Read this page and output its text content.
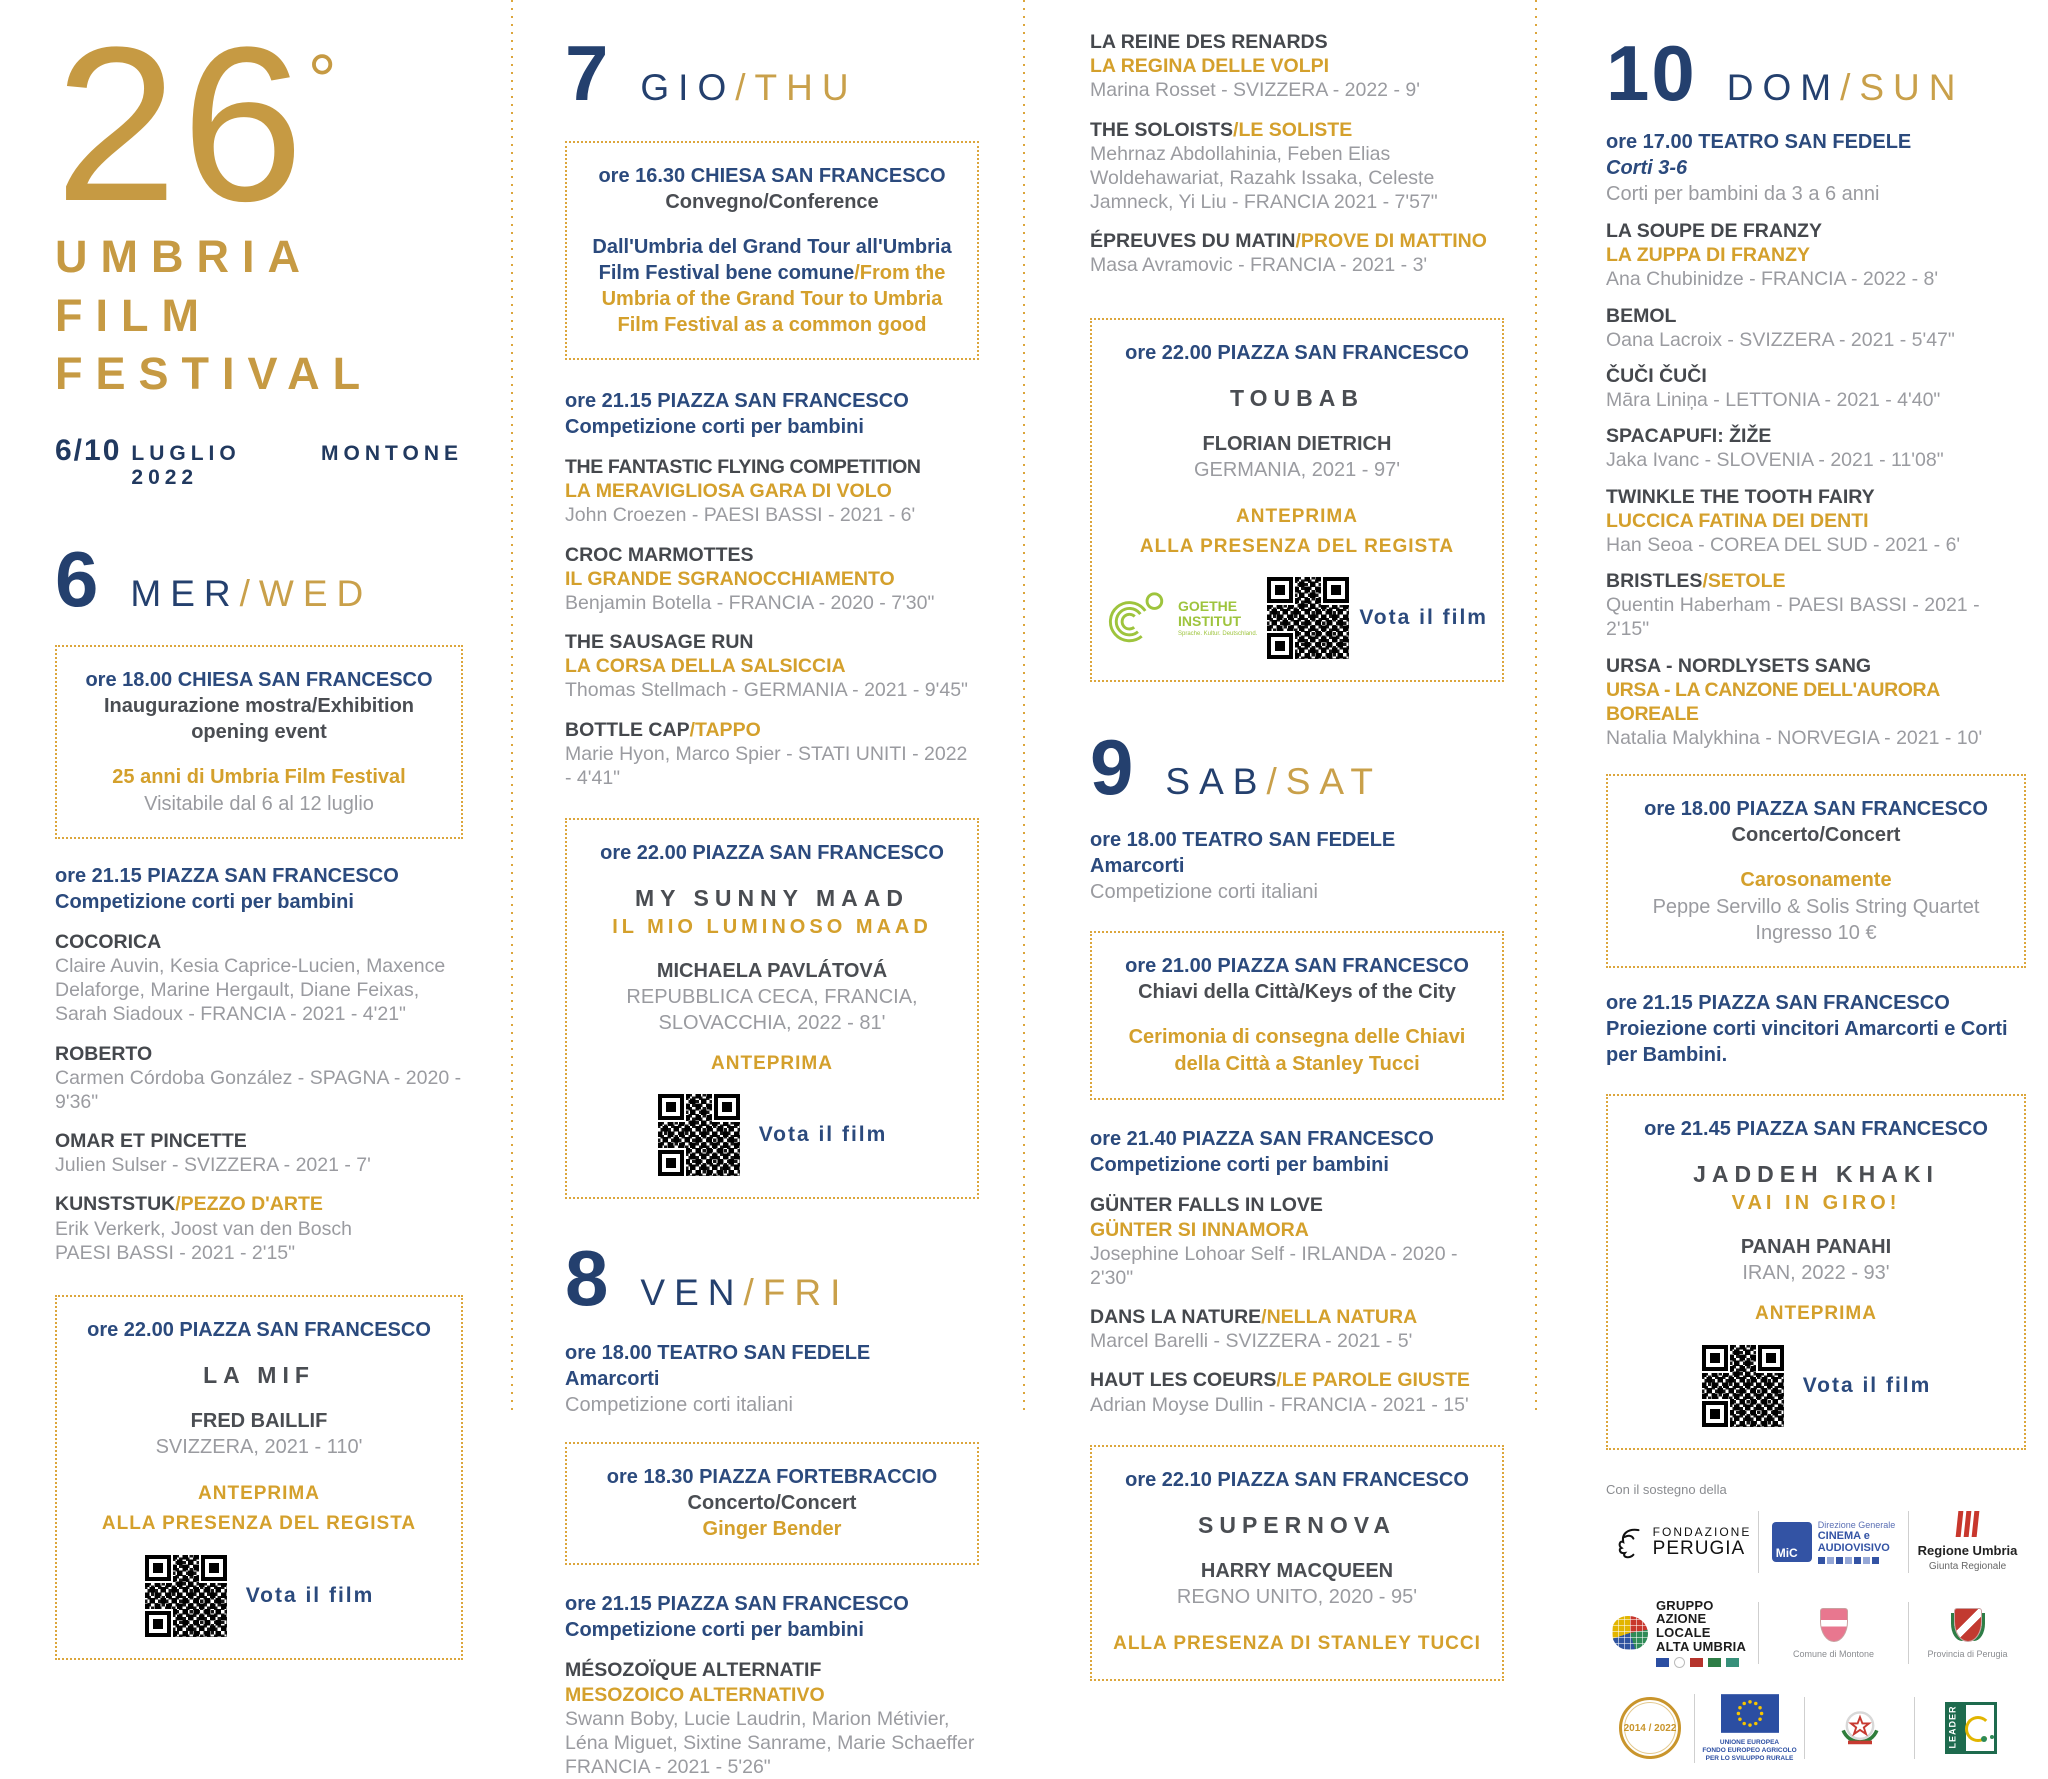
26 °
UMBRIA
FILM
FESTIVAL
6/10 LUGLIO 2022
MONTONE
6 MER/WED
ore 18.00 CHIESA SAN FRANCESCO
Inaugurazione mostra/Exhibition opening event
25 anni di Umbria Film Festival
Visitabile dal 6 al 12 luglio
ore 21.15 PIAZZA SAN FRANCESCO
Competizione corti per bambini
COCORICA
Claire Auvin, Kesia Caprice-Lucien, Maxence Delaforge, Marine Hergault, Diane Feixas, Sarah Siadoux - FRANCIA - 2021 - 4'21"
ROBERTO
Carmen Córdoba González - SPAGNA - 2020 - 9'36"
OMAR ET PINCETTE
Julien Sulser - SVIZZERA - 2021 - 7'
KUNSTSTUK/PEZZO D'ARTE
Erik Verkerk, Joost van den Bosch
PAESI BASSI - 2021 - 2'15"
ore 22.00 PIAZZA SAN FRANCESCO
LA MIF
FRED BAILLIF
SVIZZERA, 2021 - 110'
ANTEPRIMA
ALLA PRESENZA DEL REGISTA
Vota il film
7 GIO/THU
ore 16.30 CHIESA SAN FRANCESCO
Convegno/Conference
Dall'Umbria del Grand Tour all'Umbria Film Festival bene comune/From the Umbria of the Grand Tour to Umbria Film Festival as a common good
ore 21.15 PIAZZA SAN FRANCESCO
Competizione corti per bambini
THE FANTASTIC FLYING COMPETITION
LA MERAVIGLIOSA GARA DI VOLO
John Croezen - PAESI BASSI - 2021 - 6'
CROC MARMOTTES
IL GRANDE SGRANOCCHIAMENTO
Benjamin Botella - FRANCIA - 2020 - 7'30"
THE SAUSAGE RUN
LA CORSA DELLA SALSICCIA
Thomas Stellmach - GERMANIA - 2021 - 9'45"
BOTTLE CAP/TAPPO
Marie Hyon, Marco Spier - STATI UNITI - 2022 - 4'41"
ore 22.00 PIAZZA SAN FRANCESCO
MY SUNNY MAAD
IL MIO LUMINOSO MAAD
MICHAELA PAVLÁTOVÁ
REPUBBLICA CECA, FRANCIA,
SLOVACCHIA, 2022 - 81'
ANTEPRIMA
Vota il film
8 VEN/FRI
ore 18.00 TEATRO SAN FEDELE
Amarcorti
Competizione corti italiani
ore 18.30 PIAZZA FORTEBRACCIO
Concerto/Concert
Ginger Bender
ore 21.15 PIAZZA SAN FRANCESCO
Competizione corti per bambini
MÉSOZOÏQUE ALTERNATIF
MESOZOICO ALTERNATIVO
Swann Boby, Lucie Laudrin, Marion Métivier, Léna Miguet, Sixtine Sanrame, Marie Schaeffer
FRANCIA - 2021 - 5'26"
LA REINE DES RENARDS
LA REGINA DELLE VOLPI
Marina Rosset - SVIZZERA - 2022 - 9'
THE SOLOISTS/LE SOLISTE
Mehrnaz Abdollahinia, Feben Elias Woldehawariat, Razahk Issaka, Celeste Jamneck, Yi Liu - FRANCIA 2021 - 7'57"
ÉPREUVES DU MATIN/PROVE DI MATTINO
Masa Avramovic - FRANCIA - 2021 - 3'
ore 22.00 PIAZZA SAN FRANCESCO
TOUBAB
FLORIAN DIETRICH
GERMANIA, 2021 - 97'
ANTEPRIMA
ALLA PRESENZA DEL REGISTA
GOETHE
INSTITUT
Sprache. Kultur. Deutschland.
Vota il film
9 SAB/SAT
ore 18.00 TEATRO SAN FEDELE
Amarcorti
Competizione corti italiani
ore 21.00 PIAZZA SAN FRANCESCO
Chiavi della Città/Keys of the City
Cerimonia di consegna delle Chiavi della Città a Stanley Tucci
ore 21.40 PIAZZA SAN FRANCESCO
Competizione corti per bambini
GÜNTER FALLS IN LOVE
GÜNTER SI INNAMORA
Josephine Lohoar Self - IRLANDA - 2020 - 2'30"
DANS LA NATURE/NELLA NATURA
Marcel Barelli - SVIZZERA - 2021 - 5'
HAUT LES COEURS/LE PAROLE GIUSTE
Adrian Moyse Dullin - FRANCIA - 2021 - 15'
ore 22.10 PIAZZA SAN FRANCESCO
SUPERNOVA
HARRY MACQUEEN
REGNO UNITO, 2020 - 95'
ALLA PRESENZA DI STANLEY TUCCI
10 DOM/SUN
ore 17.00 TEATRO SAN FEDELE
Corti 3-6
Corti per bambini da 3 a 6 anni
LA SOUPE DE FRANZY
LA ZUPPA DI FRANZY
Ana Chubinidze - FRANCIA - 2022 - 8'
BEMOL
Oana Lacroix - SVIZZERA - 2021 - 5'47"
ČUČI ČUČI
Māra Liniņa - LETTONIA - 2021 - 4'40"
SPACAPUFI: ŽIŽE
Jaka Ivanc - SLOVENIA - 2021 - 11'08"
TWINKLE THE TOOTH FAIRY
LUCCICA FATINA DEI DENTI
Han Seoa - COREA DEL SUD - 2021 - 6'
BRISTLES/SETOLE
Quentin Haberham - PAESI BASSI - 2021 - 2'15"
URSA - NORDLYSETS SANG
URSA - LA CANZONE DELL'AURORA BOREALE
Natalia Malykhina - NORVEGIA - 2021 - 10'
ore 18.00 PIAZZA SAN FRANCESCO
Concerto/Concert
Carosonamente
Peppe Servillo & Solis String Quartet
Ingresso 10 €
ore 21.15 PIAZZA SAN FRANCESCO
Proiezione corti vincitori Amarcorti e Corti per Bambini.
ore 21.45 PIAZZA SAN FRANCESCO
JADDEH KHAKI
VAI IN GIRO!
PANAH PANAHI
IRAN, 2022 - 93'
ANTEPRIMA
Vota il film
Con il sostegno della
FONDAZIONE
PERUGIA	MiC
Direzione Generale
CINEMA e
AUDIOVISIVO	Regione Umbria
Giunta Regionale
GRUPPO AZIONE LOCALE
ALTA UMBRIA
Comune di Montone	Provincia di Perugia
2014 / 2022
UNIONE EUROPEA
FONDO EUROPEO AGRICOLO
PER LO SVILUPPO RURALE
LEADER
